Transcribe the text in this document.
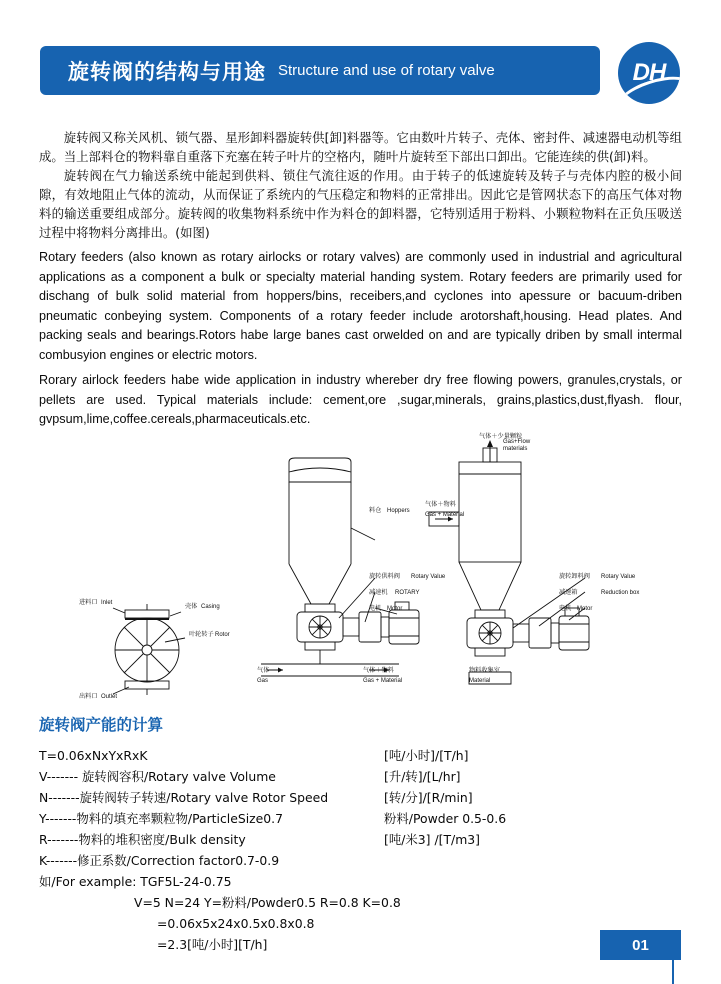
旋转阀的结构与用途 Structure and use of rotary valve	DH

旋转阀又称关风机、锁气器、星形卸料器旋转供[卸]料器等。它由数叶片转子、壳体、密封件、减速器电动机等组成。当上部料仓的物料靠自重落下充塞在转子叶片的空格内，随叶片旋转至下部出口卸出。它能连续的供(卸)料。

旋转阀在气力输送系统中能起到供料、锁住气流往返的作用。由于转子的低速旋转及转子与壳体内腔的极小间隙，有效地阻止气体的流动，从而保证了系统内的气压稳定和物料的正常排出。因此它是管网状态下的高压气体对物料的输送重要组成部分。旋转阀的收集物料系统中作为料仓的卸料器，它特别适用于粉料、小颗粒物料在正负压吸送过程中将物料分离排出。(如图)

Rotary feeders (also known as rotary airlocks or rotary valves) are commonly used in industrial and agricultural applications as a component a bulk or specialty material handing system. Rotary feeders are primarily used for dischang of bulk solid material from hoppers/bins, receibers,and cyclones into apessure or bacuum-driben pneumatic conbeying system. Components of a rotary feeder include arotorshaft,housing. Head plates. And packing seals and bearings.Rotors habe large banes cast orwelded on and are typically driben by small intermal combusyion engines or electric motors.

Rorary airlock feeders habe wide application in industry whereber dry free flowing powers, granules,crystals, or pellets are used. Typical materials include: cement,ore ,sugar,minerals, grains,plastics,dust,flyash. flour, gvpsum,lime,coffee.cereals,pharmaceuticals.etc.

进料口 Inlet	壳体 Casing
叶轮转子 Rotor
出料口 Outlet
料仓 Hoppers
气体＋物料
Gas + Material
旋转供料阀 Rotary Value
减速机 ROTARY
电机 Motor
气体
Gas
气体＋物料
Gas + Material
气体＋少量颗粒
Gas+Flow
materials
旋转卸料阀 Rotary Value
减速箱	Reduction box
电机 Motor
物料收集室
Material
旋转阀产能的计算
T=0.06xNxYxRxK	[吨/小时]/[T/h]
V------- 旋转阀容积/Rotary valve Volume	[升/转]/[L/hr]
N-------旋转阀转子转速/Rotary valve Rotor Speed	[转/分]/[R/min]
Y-------物料的填充率颗粒物/ParticleSize0.7	粉料/Powder 0.5-0.6
R-------物料的堆积密度/Bulk density	[吨/米3] /[T/m3]
K-------修正系数/Correction factor0.7-0.9
如/For example: TGF5L-24-0.75
V=5 N=24 Y=粉料/Powder0.5 R=0.8 K=0.8
=0.06x5x24x0.5x0.8x0.8
=2.3[吨/小时][T/h]	01
